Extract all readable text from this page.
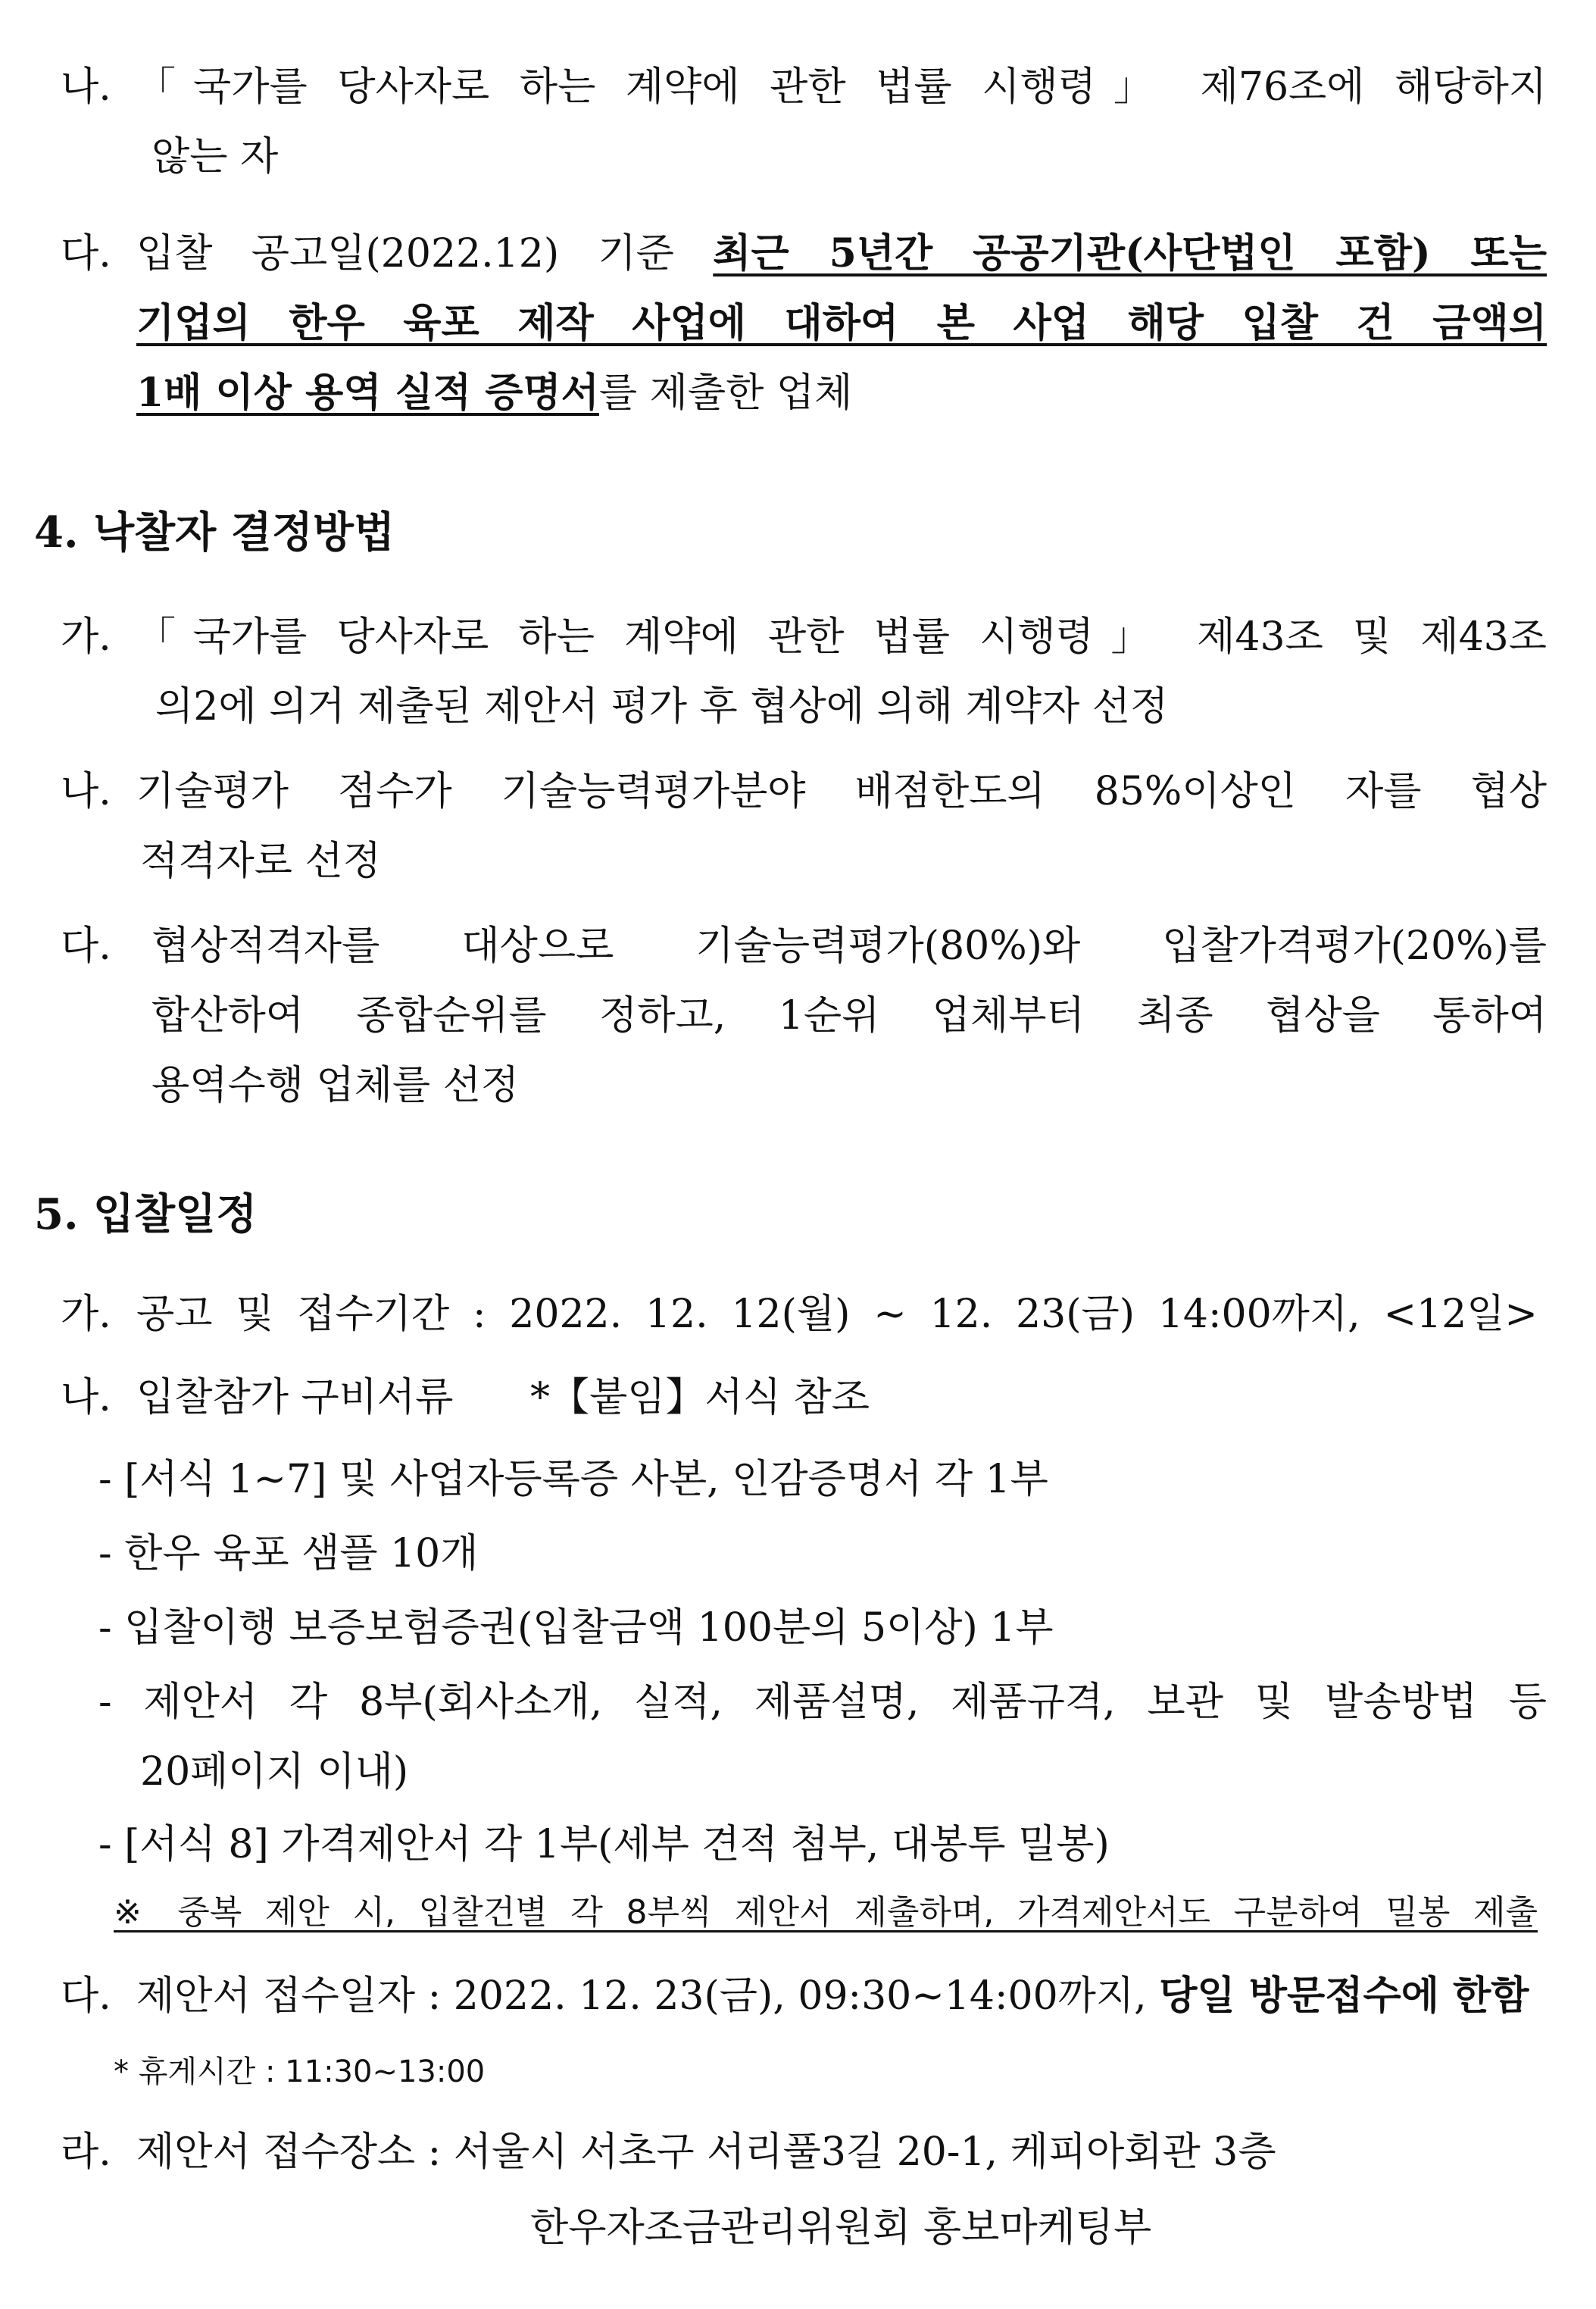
나. 「국가를 당사자로 하는 계약에 관한 법률 시행령」 제76조에 해당하지
않는 자
다. 입찰 공고일(2022.12) 기준 최근 5년간 공공기관(사단법인 포함) 또는
기업의 한우 육포 제작 사업에 대하여 본 사업 해당 입찰 건 금액의
1배 이상 용역 실적 증명서를 제출한 업체
4. 낙찰자 결정방법
가. 「국가를 당사자로 하는 계약에 관한 법률 시행령」 제43조 및 제43조
의2에 의거 제출된 제안서 평가 후 협상에 의해 계약자 선정
나. 기술평가 점수가 기술능력평가분야 배점한도의 85%이상인 자를 협상
적격자로 선정
다. 협상적격자를 대상으로 기술능력평가(80%)와 입찰가격평가(20%)를
합산하여 종합순위를 정하고, 1순위 업체부터 최종 협상을 통하여
용역수행 업체를 선정
5. 입찰일정
가. 공고 및 접수기간 : 2022. 12. 12(월) ~ 12. 23(금) 14:00까지, <12일>
나. 입찰참가 구비서류 *【붙임】서식 참조
- [서식 1~7] 및 사업자등록증 사본, 인감증명서 각 1부
- 한우 육포 샘플 10개
- 입찰이행 보증보험증권(입찰금액 100분의 5이상) 1부
- 제안서 각 8부(회사소개, 실적, 제품설명, 제품규격, 보관 및 발송방법 등
20페이지 이내)
- [서식 8] 가격제안서 각 1부(세부 견적 첨부, 대봉투 밀봉)
※ 중복 제안 시, 입찰건별 각 8부씩 제안서 제출하며, 가격제안서도 구분하여 밀봉 제출
다. 제안서 접수일자 : 2022. 12. 23(금), 09:30~14:00까지, 당일 방문접수에 한함
* 휴게시간 : 11:30~13:00
라. 제안서 접수장소 : 서울시 서초구 서리풀3길 20-1, 케피아회관 3층
한우자조금관리위원회 홍보마케팅부
